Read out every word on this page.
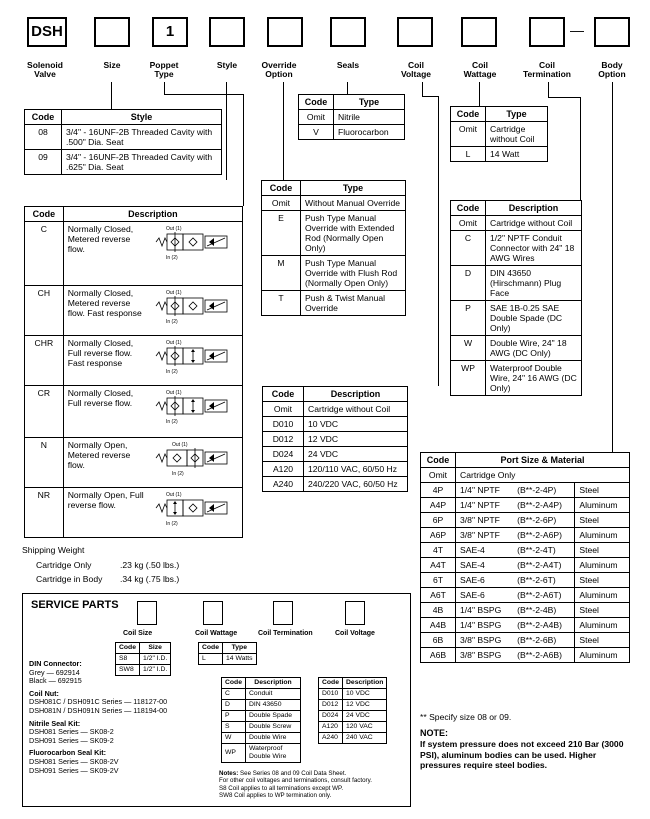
DSH	1	—
Solenoid Valve
Size	Poppet Type
Style	Override Option
Seals	Coil Voltage
Coil Wattage
Coil Termination
Body Option
Code	Style
08	3/4" - 16UNF-2B Threaded Cavity with .500" Dia. Seat
09	3/4" - 16UNF-2B Threaded Cavity with .625" Dia. Seat
Code	Type
Omit	Nitrile
V	Fluorocarbon
Code	Type
Omit	Cartridge without Coil
L	14 Watt
Code	Description	
C	Normally Closed, Metered reverse flow.	Out (1)
In (2)

CH	Normally Closed, Metered reverse flow. Fast response	Out (1)
In (2)

CHR	Normally Closed, Full reverse flow. Fast response	Out (1)
In (2)

CR	Normally Closed, Full reverse flow.	Out (1)
In (2)

N	Normally Open, Metered reverse flow.	Out (1)
In (2)

NR	Normally Open, Full reverse flow.	Out (1)
In (2)
Code	Type
Omit	Without Manual Override
E	Push Type Manual Override with Extended Rod (Normally Open Only)
M	Push Type Manual Override with Flush Rod (Normally Open Only)
T	Push & Twist Manual Override
Code	Description
Omit	Cartridge without Coil
C	1/2" NPTF Conduit Connector with 24" 18 AWG Wires
D	DIN 43650 (Hirschmann) Plug Face
P	SAE 1B-0.25 SAE Double Spade (DC Only)
W	Double Wire, 24" 18 AWG (DC Only)
WP	Waterproof Double Wire, 24" 16 AWG (DC Only)
Code	Description
Omit	Cartridge without Coil
D010	10 VDC
D012	12 VDC
D024	24 VDC
A120	120/110 VAC, 60/50 Hz
A240	240/220 VAC, 60/50 Hz
Code	Port Size & Material		
Omit	Cartridge Only		
4P	1/4" NPTF	(B**-2-4P)	Steel
A4P	1/4" NPTF	(B**-2-A4P)	Aluminum
6P	3/8" NPTF	(B**-2-6P)	Steel
A6P	3/8" NPTF	(B**-2-A6P)	Aluminum
4T	SAE-4	(B**-2-4T)	Steel
A4T	SAE-4	(B**-2-A4T)	Aluminum
6T	SAE-6	(B**-2-6T)	Steel
A6T	SAE-6	(B**-2-A6T)	Aluminum
4B	1/4" BSPG	(B**-2-4B)	Steel
A4B	1/4" BSPG	(B**-2-A4B)	Aluminum
6B	3/8" BSPG	(B**-2-6B)	Steel
A6B	3/8" BSPG	(B**-2-A6B)	Aluminum
** Specify size 08 or 09.
NOTE:
If system pressure does not exceed 210 Bar (3000 PSI), aluminum bodies can be used. Higher pressures require steel bodies.
Shipping Weight
Cartridge Only	.23 kg (.50 lbs.)
Cartridge in Body .34 kg (.75 lbs.)
SERVICE PARTS
Coil Size	Coil Wattage	Coil Termination	Coil Voltage
Code	Size
S8	1/2" I.D.
SW8	1/2" I.D.
Code	Type
L	14 Watts
Code	Description
C	Conduit
D	DIN 43650
P	Double Spade
S	Double Screw
W	Double Wire
WP	Waterproof Double Wire
Code	Description
D010	10 VDC
D012	12 VDC
D024	24 VDC
A120	120 VAC
A240	240 VAC
DIN Connector:
Grey — 692914
Black — 692915
Coil Nut:
DSH081C / DSH091C Series — 118127-00
DSH081N / DSH091N Series — 118194-00
Nitrile Seal Kit:
DSH081 Series — SK08-2
DSH091 Series — SK09-2
Fluorocarbon Seal Kit:
DSH081 Series — SK08-2V
DSH091 Series — SK09-2V	Notes: See Series 08 and 09 Coil Data Sheet.
For other coil voltages and terminations, consult factory.
S8 Coil applies to all terminations except WP.
SW8 Coil applies to WP termination only.
